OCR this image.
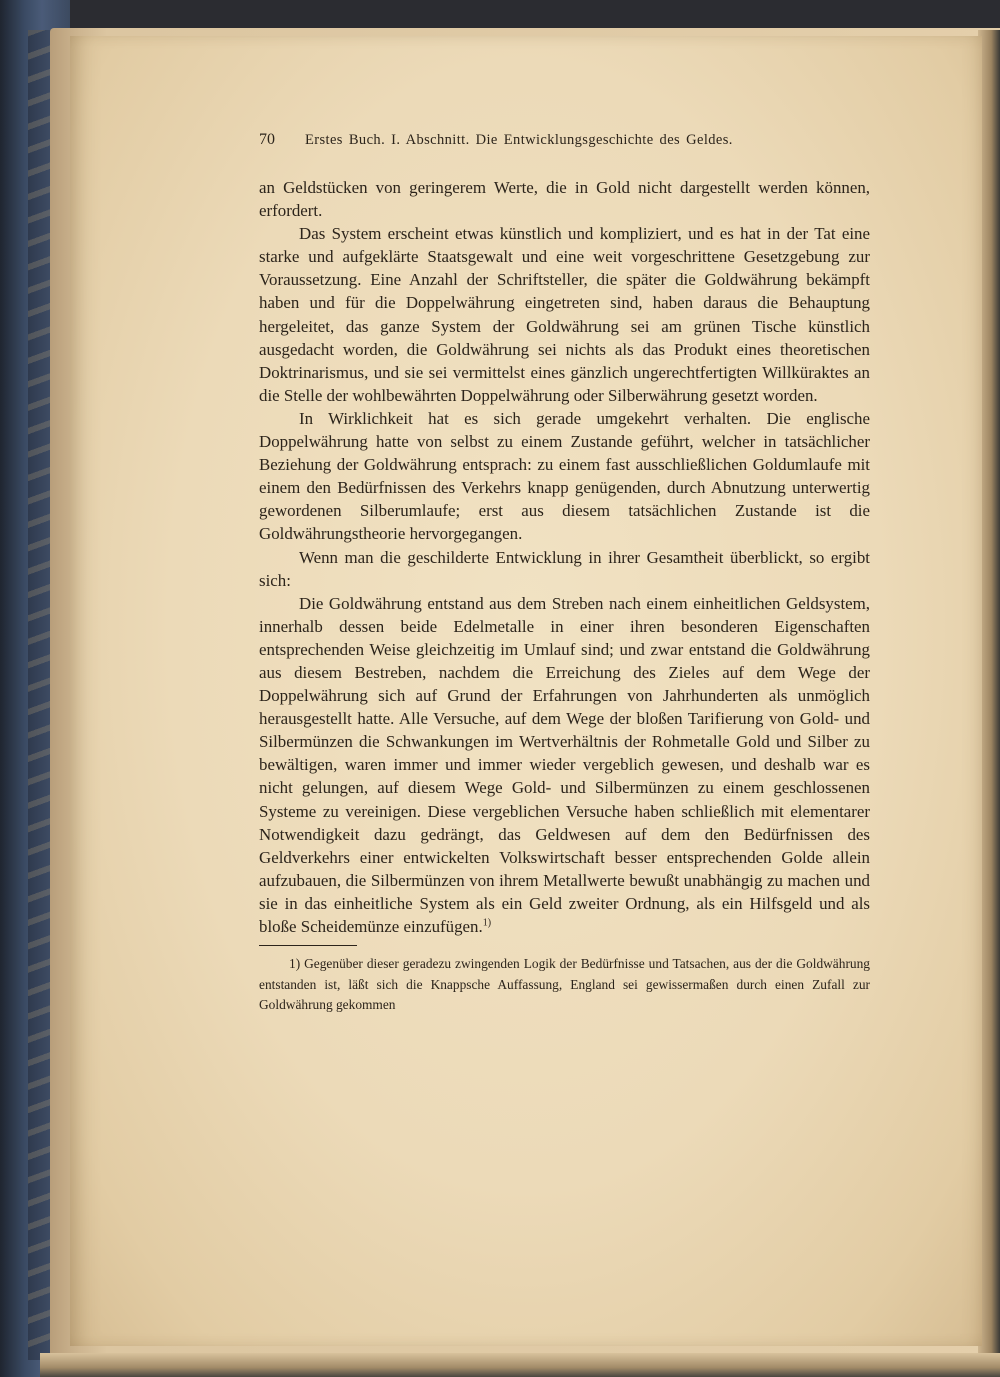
70 Erstes Buch. I. Abschnitt. Die Entwicklungsgeschichte des Geldes.

an Geldstücken von geringerem Werte, die in Gold nicht dargestellt werden können, erfordert.

Das System erscheint etwas künstlich und kompliziert, und es hat in der Tat eine starke und aufgeklärte Staatsgewalt und eine weit vorgeschrittene Gesetzgebung zur Voraussetzung. Eine Anzahl der Schriftsteller, die später die Goldwährung bekämpft haben und für die Doppelwährung eingetreten sind, haben daraus die Behauptung hergeleitet, das ganze System der Goldwährung sei am grünen Tische künstlich ausgedacht worden, die Goldwährung sei nichts als das Produkt eines theoretischen Doktrinarismus, und sie sei vermittelst eines gänzlich ungerechtfertigten Willküraktes an die Stelle der wohlbewährten Doppelwährung oder Silberwährung gesetzt worden.

In Wirklichkeit hat es sich gerade umgekehrt verhalten. Die englische Doppelwährung hatte von selbst zu einem Zustande geführt, welcher in tatsächlicher Beziehung der Goldwährung entsprach: zu einem fast ausschließlichen Goldumlaufe mit einem den Bedürfnissen des Verkehrs knapp genügenden, durch Abnutzung unterwertig gewordenen Silberumlaufe; erst aus diesem tatsächlichen Zustande ist die Goldwährungstheorie hervorgegangen.

Wenn man die geschilderte Entwicklung in ihrer Gesamtheit überblickt, so ergibt sich:

Die Goldwährung entstand aus dem Streben nach einem einheitlichen Geldsystem, innerhalb dessen beide Edelmetalle in einer ihren besonderen Eigenschaften entsprechenden Weise gleichzeitig im Umlauf sind; und zwar entstand die Goldwährung aus diesem Bestreben, nachdem die Erreichung des Zieles auf dem Wege der Doppelwährung sich auf Grund der Erfahrungen von Jahrhunderten als unmöglich herausgestellt hatte. Alle Versuche, auf dem Wege der bloßen Tarifierung von Gold- und Silbermünzen die Schwankungen im Wertverhältnis der Rohmetalle Gold und Silber zu bewältigen, waren immer und immer wieder vergeblich gewesen, und deshalb war es nicht gelungen, auf diesem Wege Gold- und Silbermünzen zu einem geschlossenen Systeme zu vereinigen. Diese vergeblichen Versuche haben schließlich mit elementarer Notwendigkeit dazu gedrängt, das Geldwesen auf dem den Bedürfnissen des Geldverkehrs einer entwickelten Volkswirtschaft besser entsprechenden Golde allein aufzubauen, die Silbermünzen von ihrem Metallwerte bewußt unabhängig zu machen und sie in das einheitliche System als ein Geld zweiter Ordnung, als ein Hilfsgeld und als bloße Scheidemünze einzufügen.$^{1)}$

1) Gegenüber dieser geradezu zwingenden Logik der Bedürfnisse und Tatsachen, aus der die Goldwährung entstanden ist, läßt sich die Knappsche Auffassung, England sei gewissermaßen durch einen Zufall zur Goldwährung gekommen
